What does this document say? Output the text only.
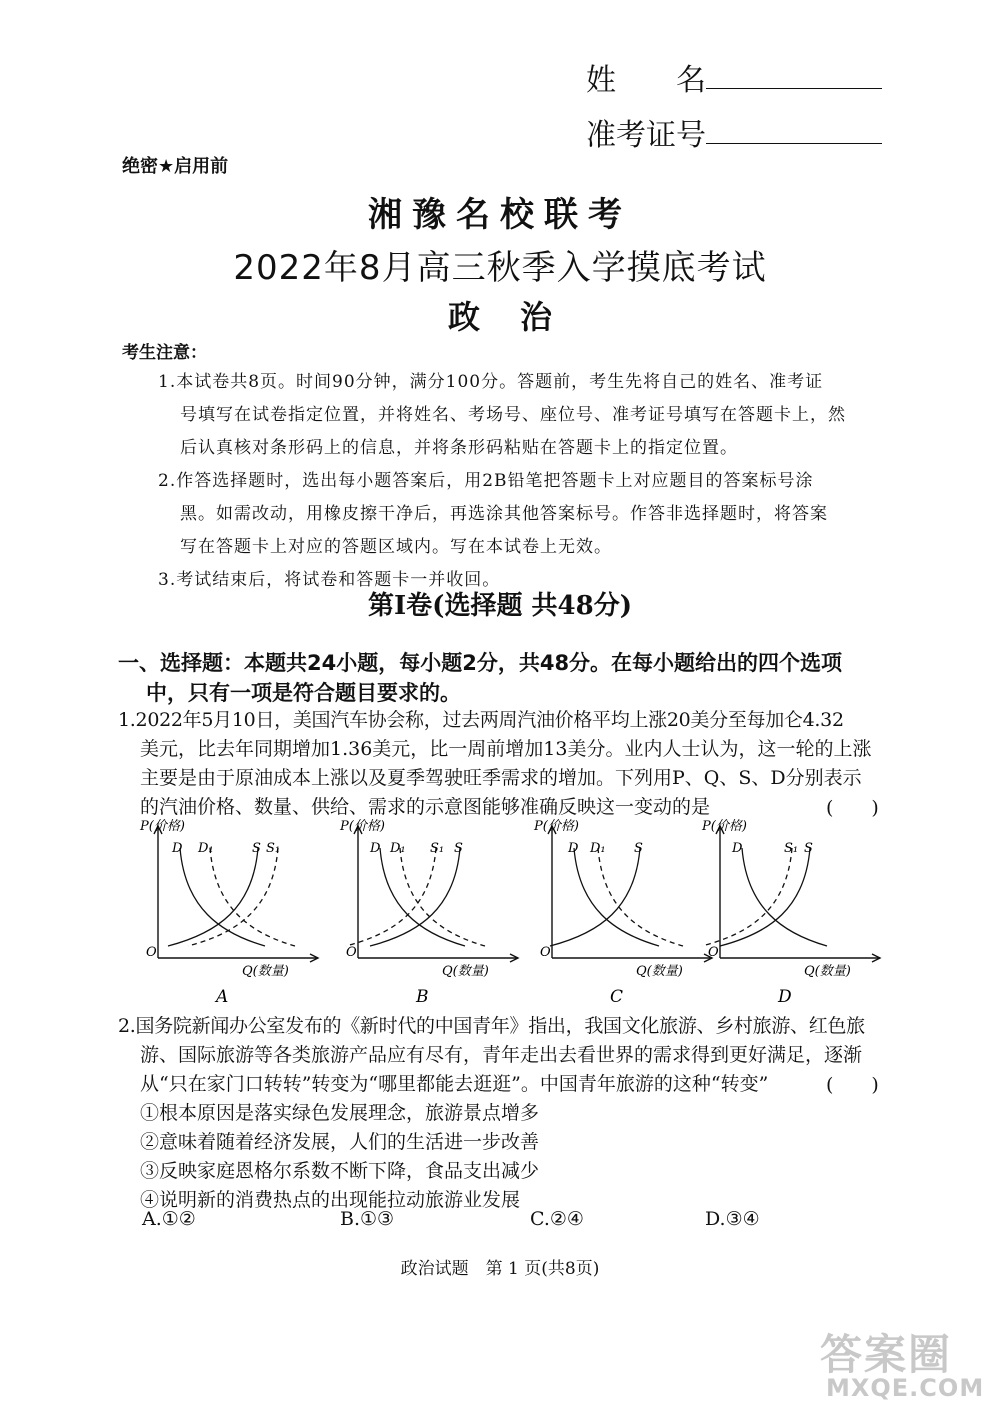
姓　　名
准考证号
绝密★启用前
湘豫名校联考
2022年8月高三秋季入学摸底考试
政治
考生注意：
1.本试卷共8页。时间90分钟，满分100分。答题前，考生先将自己的姓名、准考证
号填写在试卷指定位置，并将姓名、考场号、座位号、准考证号填写在答题卡上，然
后认真核对条形码上的信息，并将条形码粘贴在答题卡上的指定位置。
2.作答选择题时，选出每小题答案后，用2B铅笔把答题卡上对应题目的答案标号涂
黑。如需改动，用橡皮擦干净后，再选涂其他答案标号。作答非选择题时，将答案
写在答题卡上对应的答题区域内。写在本试卷上无效。
3.考试结束后，将试卷和答题卡一并收回。
第Ⅰ卷(选择题 共48分)
一、选择题：本题共24小题，每小题2分，共48分。在每小题给出的四个选项
中，只有一项是符合题目要求的。
1.2022年5月10日，美国汽车协会称，过去两周汽油价格平均上涨20美分至每加仑4.32
美元，比去年同期增加1.36美元，比一周前增加13美分。业内人士认为，这一轮的上涨
主要是由于原油成本上涨以及夏季驾驶旺季需求的增加。下列用P、Q、S、D分别表示
的汽油价格、数量、供给、需求的示意图能够准确反映这一变动的是	(　　)
P(价格)
Q(数量)
O
D D₁	S S₁
A
P(价格)
Q(数量)
O
D D₁ S₁ S
B
P(价格)
Q(数量)
O
D D₁ S
C
P(价格)
Q(数量)
O
D	S₁ S
D
2.国务院新闻办公室发布的《新时代的中国青年》指出，我国文化旅游、乡村旅游、红色旅
游、国际旅游等各类旅游产品应有尽有，青年走出去看世界的需求得到更好满足，逐渐
从“只在家门口转转”转变为“哪里都能去逛逛”。中国青年旅游的这种“转变”
①根本原因是落实绿色发展理念，旅游景点增多
②意味着随着经济发展，人们的生活进一步改善
③反映家庭恩格尔系数不断下降，食品支出减少
④说明新的消费热点的出现能拉动旅游业发展
(　　)
A.①②	B.①③	C.②④	D.③④
政治试题　第 1 页(共8页)
答案圈
MXQE.COM
